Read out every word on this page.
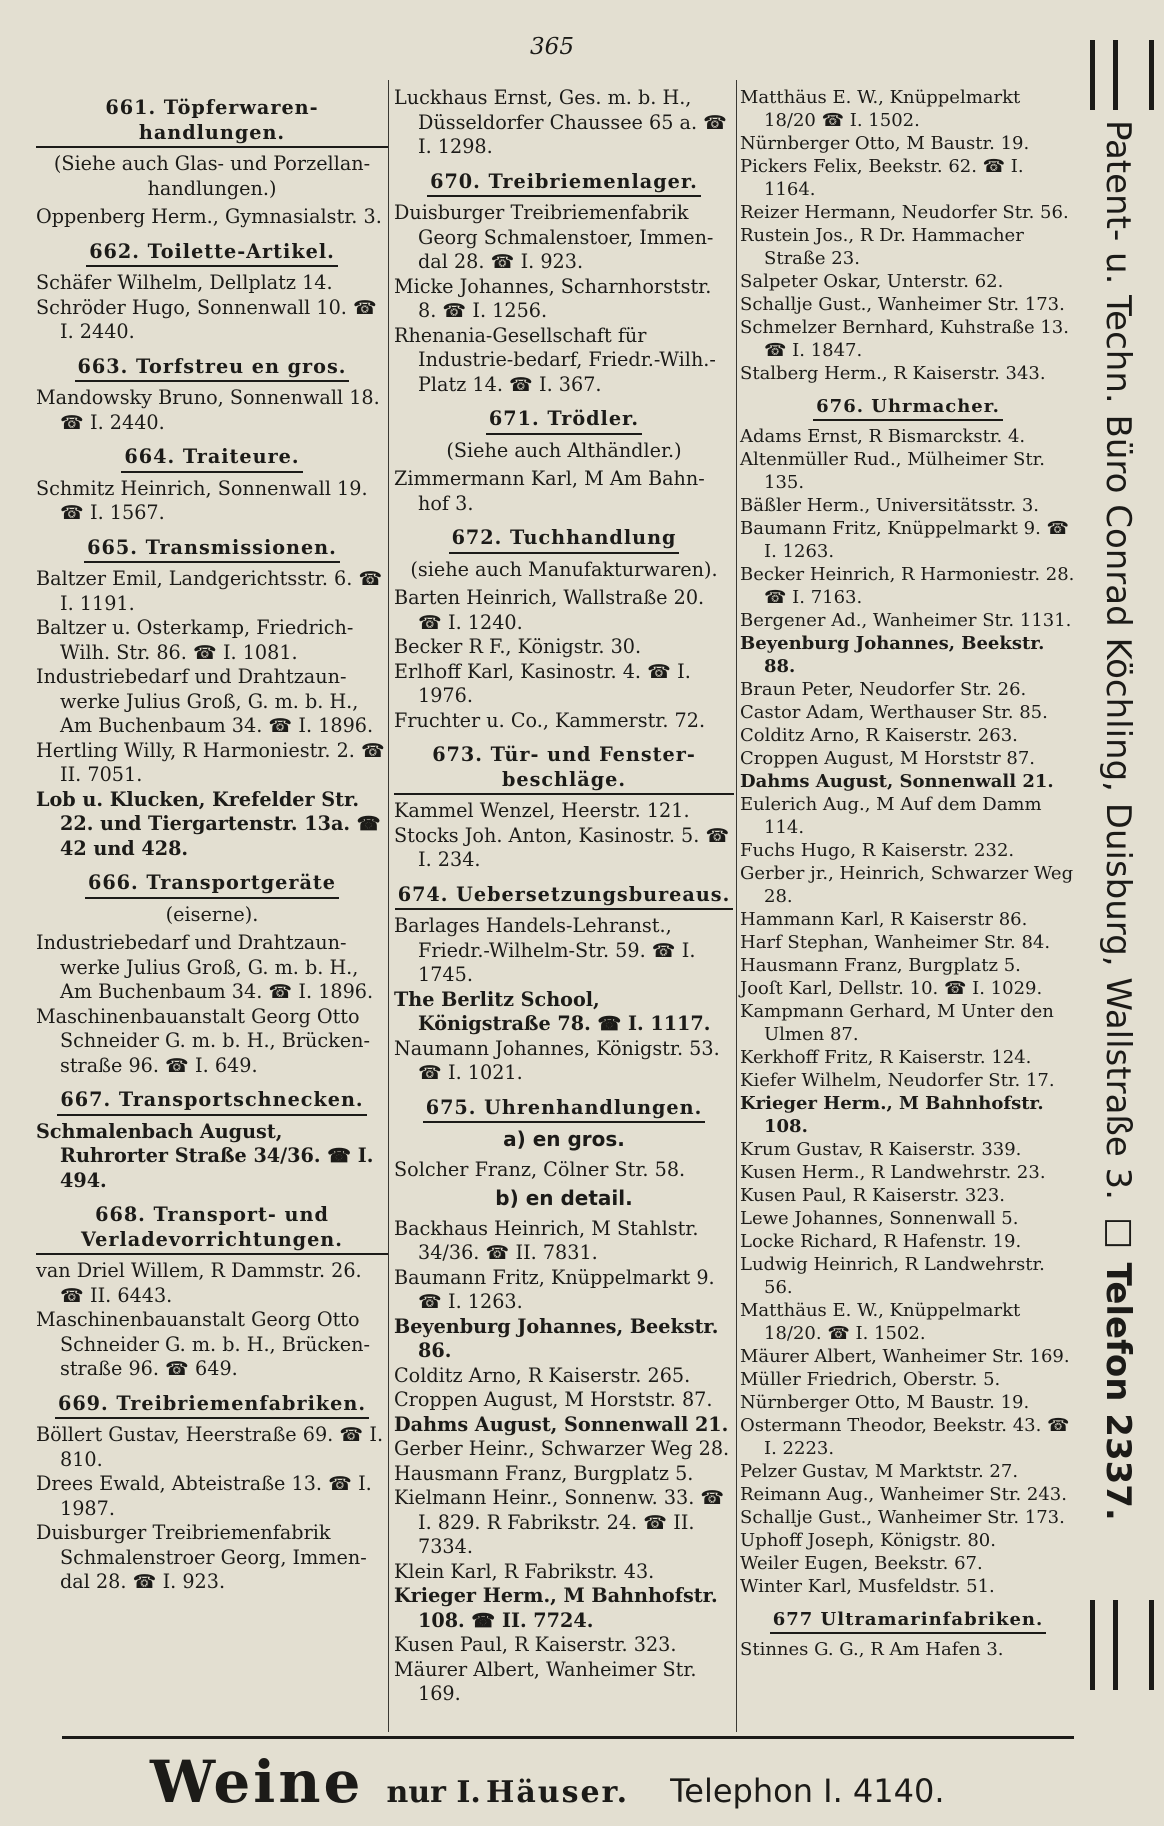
365
661. Töpferwaren-handlungen.
(Siehe auch Glas- und Porzellan-handlungen.)
Oppenberg Herm., Gymnasialstr. 3.
662. Toilette-Artikel.
Schäfer Wilhelm, Dellplatz 14.
Schröder Hugo, Sonnenwall 10. ☎ I. 2440.
663. Torfstreu en gros.
Mandowsky Bruno, Sonnenwall 18. ☎ I. 2440.
664. Traiteure.
Schmitz Heinrich, Sonnenwall 19. ☎ I. 1567.
665. Transmissionen.
Baltzer Emil, Landgerichtsstr. 6. ☎ I. 1191.
Baltzer u. Osterkamp, Friedrich-Wilh. Str. 86. ☎ I. 1081.
Industriebedarf und Drahtzaun-werke Julius Groß, G. m. b. H., Am Buchenbaum 34. ☎ I. 1896.
Hertling Willy, R Harmoniestr. 2. ☎ II. 7051.
Lob u. Klucken, Krefelder Str. 22. und Tiergartenstr. 13a. ☎ 42 und 428.
666. Transportgeräte
(eiserne).
Industriebedarf und Drahtzaun-werke Julius Groß, G. m. b. H., Am Buchenbaum 34. ☎ I. 1896.
Maschinenbauanstalt Georg Otto Schneider G. m. b. H., Brücken-straße 96. ☎ I. 649.
667. Transportschnecken.
Schmalenbach August, Ruhrorter Straße 34/36. ☎ I. 494.
668. Transport- und Verladevorrichtungen.
van Driel Willem, R Dammstr. 26. ☎ II. 6443.
Maschinenbauanstalt Georg Otto Schneider G. m. b. H., Brücken-straße 96. ☎ 649.
669. Treibriemenfabriken.
Böllert Gustav, Heerstraße 69. ☎ I. 810.
Drees Ewald, Abteistraße 13. ☎ I. 1987.
Duisburger Treibriemenfabrik Schmalenstroer Georg, Immen-dal 28. ☎ I. 923.
Luckhaus Ernst, Ges. m. b. H., Düsseldorfer Chaussee 65 a. ☎ I. 1298.
670. Treibriemenlager.
Duisburger Treibriemenfabrik Georg Schmalenstoer, Immen-dal 28. ☎ I. 923.
Micke Johannes, Scharnhorststr. 8. ☎ I. 1256.
Rhenania-Gesellschaft für Industrie-bedarf, Friedr.-Wilh.-Platz 14. ☎ I. 367.
671. Trödler.
(Siehe auch Althändler.)
Zimmermann Karl, M Am Bahn-hof 3.
672. Tuchhandlung
(siehe auch Manufakturwaren).
Barten Heinrich, Wallstraße 20. ☎ I. 1240.
Becker R F., Königstr. 30.
Erlhoff Karl, Kasinostr. 4. ☎ I. 1976.
Fruchter u. Co., Kammerstr. 72.
673. Tür- und Fenster-beschläge.
Kammel Wenzel, Heerstr. 121.
Stocks Joh. Anton, Kasinostr. 5. ☎ I. 234.
674. Uebersetzungsbureaus.
Barlages Handels-Lehranst., Friedr.-Wilhelm-Str. 59. ☎ I. 1745.
The Berlitz School, Königstraße 78. ☎ I. 1117.
Naumann Johannes, Königstr. 53. ☎ I. 1021.
675. Uhrenhandlungen.
a) en gros.
Solcher Franz, Cölner Str. 58.
b) en detail.
Backhaus Heinrich, M Stahlstr. 34/36. ☎ II. 7831.
Baumann Fritz, Knüppelmarkt 9. ☎ I. 1263.
Beyenburg Johannes, Beekstr. 86.
Colditz Arno, R Kaiserstr. 265.
Croppen August, M Horststr. 87.
Dahms August, Sonnenwall 21.
Gerber Heinr., Schwarzer Weg 28.
Hausmann Franz, Burgplatz 5.
Kielmann Heinr., Sonnenw. 33. ☎ I. 829. R Fabrikstr. 24. ☎ II. 7334.
Klein Karl, R Fabrikstr. 43.
Krieger Herm., M Bahnhofstr. 108. ☎ II. 7724.
Kusen Paul, R Kaiserstr. 323.
Mäurer Albert, Wanheimer Str. 169.
Matthäus E. W., Knüppelmarkt 18/20 ☎ I. 1502.
Nürnberger Otto, M Baustr. 19.
Pickers Felix, Beekstr. 62. ☎ I. 1164.
Reizer Hermann, Neudorfer Str. 56.
Rustein Jos., R Dr. Hammacher Straße 23.
Salpeter Oskar, Unterstr. 62.
Schallje Gust., Wanheimer Str. 173.
Schmelzer Bernhard, Kuhstraße 13. ☎ I. 1847.
Stalberg Herm., R Kaiserstr. 343.
676. Uhrmacher.
Adams Ernst, R Bismarckstr. 4.
Altenmüller Rud., Mülheimer Str. 135.
Bäßler Herm., Universitätsstr. 3.
Baumann Fritz, Knüppelmarkt 9. ☎ I. 1263.
Becker Heinrich, R Harmoniestr. 28. ☎ I. 7163.
Bergener Ad., Wanheimer Str. 1131.
Beyenburg Johannes, Beekstr. 88.
Braun Peter, Neudorfer Str. 26.
Castor Adam, Werthauser Str. 85.
Colditz Arno, R Kaiserstr. 263.
Croppen August, M Horststr 87.
Dahms August, Sonnenwall 21.
Eulerich Aug., M Auf dem Damm 114.
Fuchs Hugo, R Kaiserstr. 232.
Gerber jr., Heinrich, Schwarzer Weg 28.
Hammann Karl, R Kaiserstr 86.
Harf Stephan, Wanheimer Str. 84.
Hausmann Franz, Burgplatz 5.
Jooſt Karl, Dellstr. 10. ☎ I. 1029.
Kampmann Gerhard, M Unter den Ulmen 87.
Kerkhoff Fritz, R Kaiserstr. 124.
Kiefer Wilhelm, Neudorfer Str. 17.
Krieger Herm., M Bahnhofstr. 108.
Krum Gustav, R Kaiserstr. 339.
Kusen Herm., R Landwehrstr. 23.
Kusen Paul, R Kaiserstr. 323.
Lewe Johannes, Sonnenwall 5.
Locke Richard, R Hafenstr. 19.
Ludwig Heinrich, R Landwehrstr. 56.
Matthäus E. W., Knüppelmarkt 18/20. ☎ I. 1502.
Mäurer Albert, Wanheimer Str. 169.
Müller Friedrich, Oberstr. 5.
Nürnberger Otto, M Baustr. 19.
Ostermann Theodor, Beekstr. 43. ☎ I. 2223.
Pelzer Gustav, M Marktstr. 27.
Reimann Aug., Wanheimer Str. 243.
Schallje Gust., Wanheimer Str. 173.
Uphoff Joseph, Königstr. 80.
Weiler Eugen, Beekstr. 67.
Winter Karl, Musfeldstr. 51.
677 Ultramarinfabriken.
Stinnes G. G., R Am Hafen 3.
Patent- u. Techn. Büro Conrad Köchling, Duisburg, Wallstraße 3. □ Telefon 2337.
Weine nur I. Häuser. Telephon I. 4140.
